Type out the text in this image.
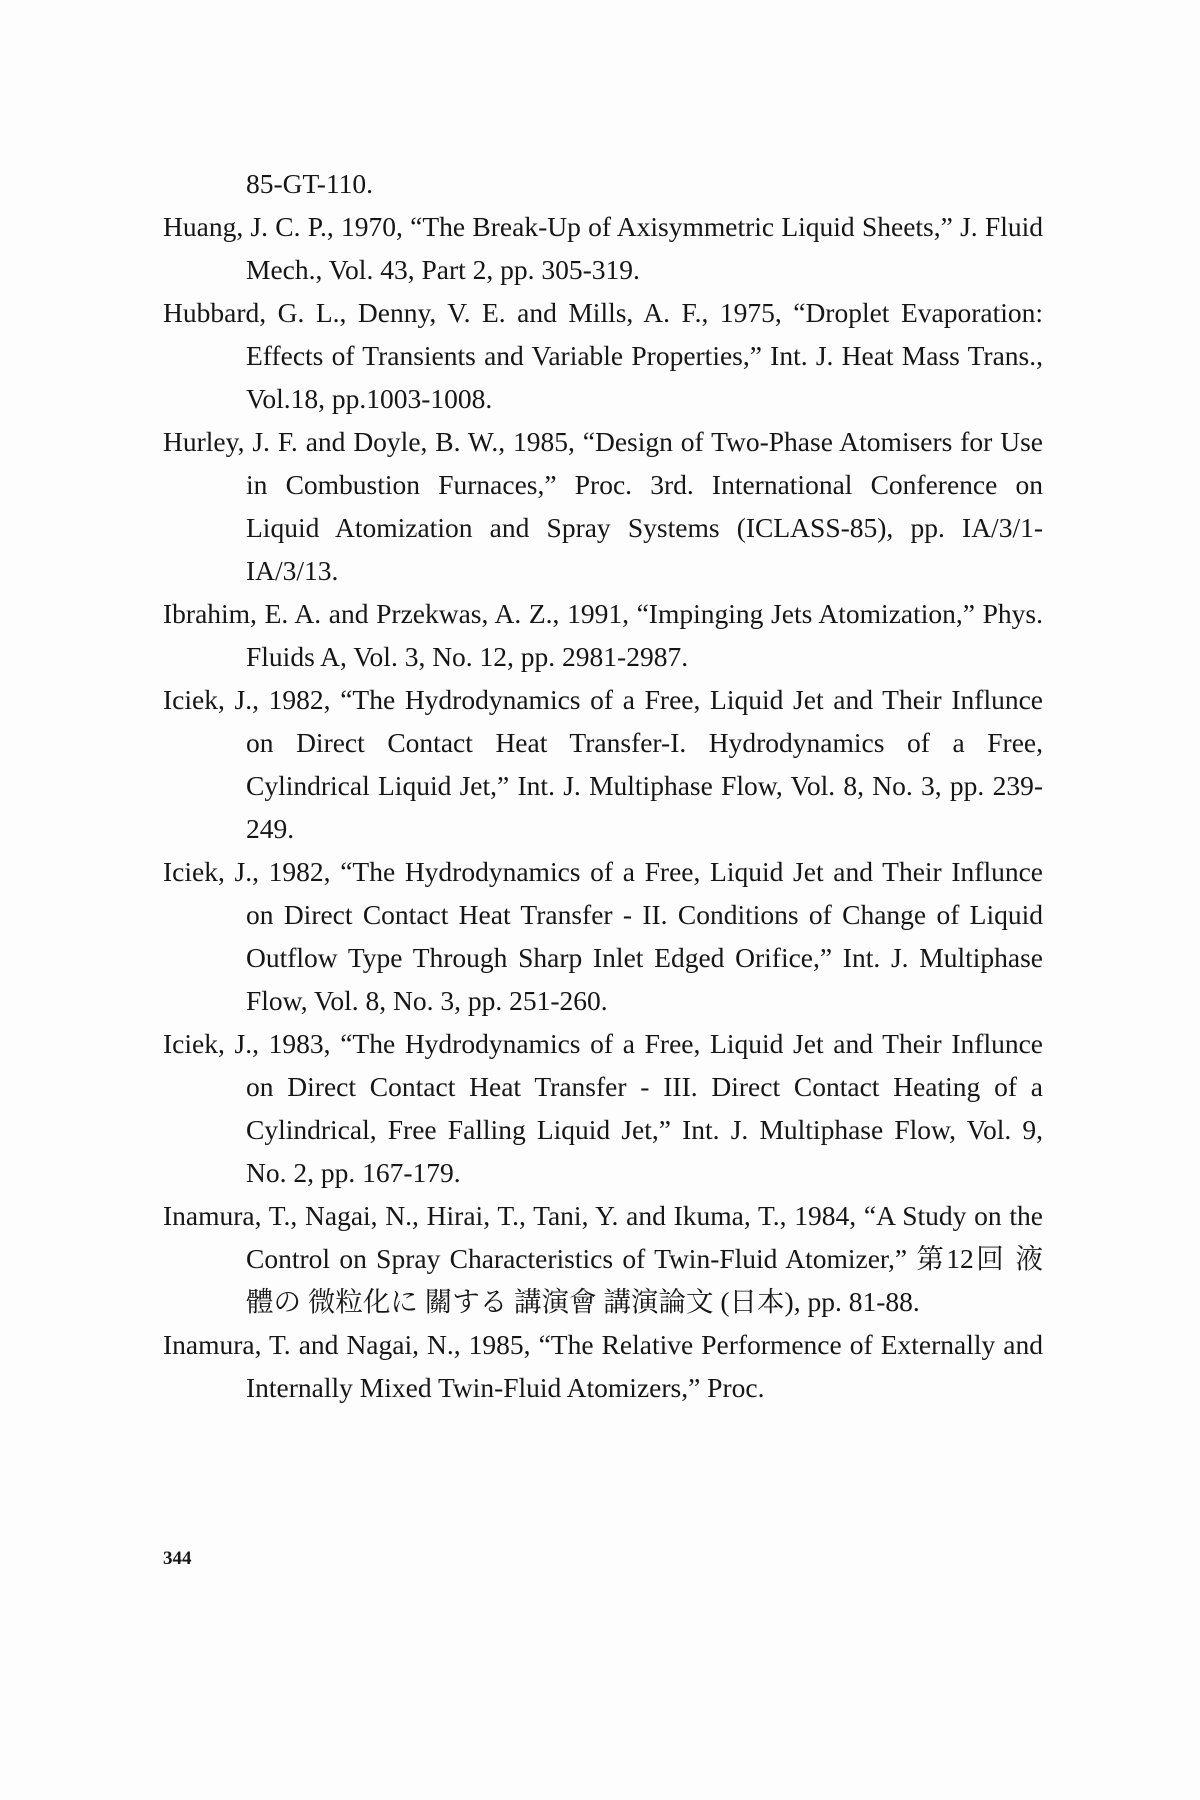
85-GT-110.
Huang, J. C. P., 1970, “The Break-Up of Axisymmetric Liquid Sheets,” J. Fluid Mech., Vol. 43, Part 2, pp. 305-319.
Hubbard, G. L., Denny, V. E. and Mills, A. F., 1975, “Droplet Evaporation: Effects of Transients and Variable Properties,” Int. J. Heat Mass Trans., Vol.18, pp.1003-1008.
Hurley, J. F. and Doyle, B. W., 1985, “Design of Two-Phase Atomisers for Use in Combustion Furnaces,” Proc. 3rd. International Conference on Liquid Atomization and Spray Systems (ICLASS-85), pp. IA/3/1-IA/3/13.
Ibrahim, E. A. and Przekwas, A. Z., 1991, “Impinging Jets Atomization,” Phys. Fluids A, Vol. 3, No. 12, pp. 2981-2987.
Iciek, J., 1982, “The Hydrodynamics of a Free, Liquid Jet and Their Influnce on Direct Contact Heat Transfer-I. Hydrodynamics of a Free, Cylindrical Liquid Jet,” Int. J. Multiphase Flow, Vol. 8, No. 3, pp. 239-249.
Iciek, J., 1982, “The Hydrodynamics of a Free, Liquid Jet and Their Influnce on Direct Contact Heat Transfer - II. Conditions of Change of Liquid Outflow Type Through Sharp Inlet Edged Orifice,” Int. J. Multiphase Flow, Vol. 8, No. 3, pp. 251-260.
Iciek, J., 1983, “The Hydrodynamics of a Free, Liquid Jet and Their Influnce on Direct Contact Heat Transfer - III. Direct Contact Heating of a Cylindrical, Free Falling Liquid Jet,” Int. J. Multiphase Flow, Vol. 9, No. 2, pp. 167-179.
Inamura, T., Nagai, N., Hirai, T., Tani, Y. and Ikuma, T., 1984, “A Study on the Control on Spray Characteristics of Twin-Fluid Atomizer,” 第12回 液體の 微粒化に 關する 講演會 講演論文 (日本), pp. 81-88.
Inamura, T. and Nagai, N., 1985, “The Relative Performence of Externally and Internally Mixed Twin-Fluid Atomizers,” Proc.
344
